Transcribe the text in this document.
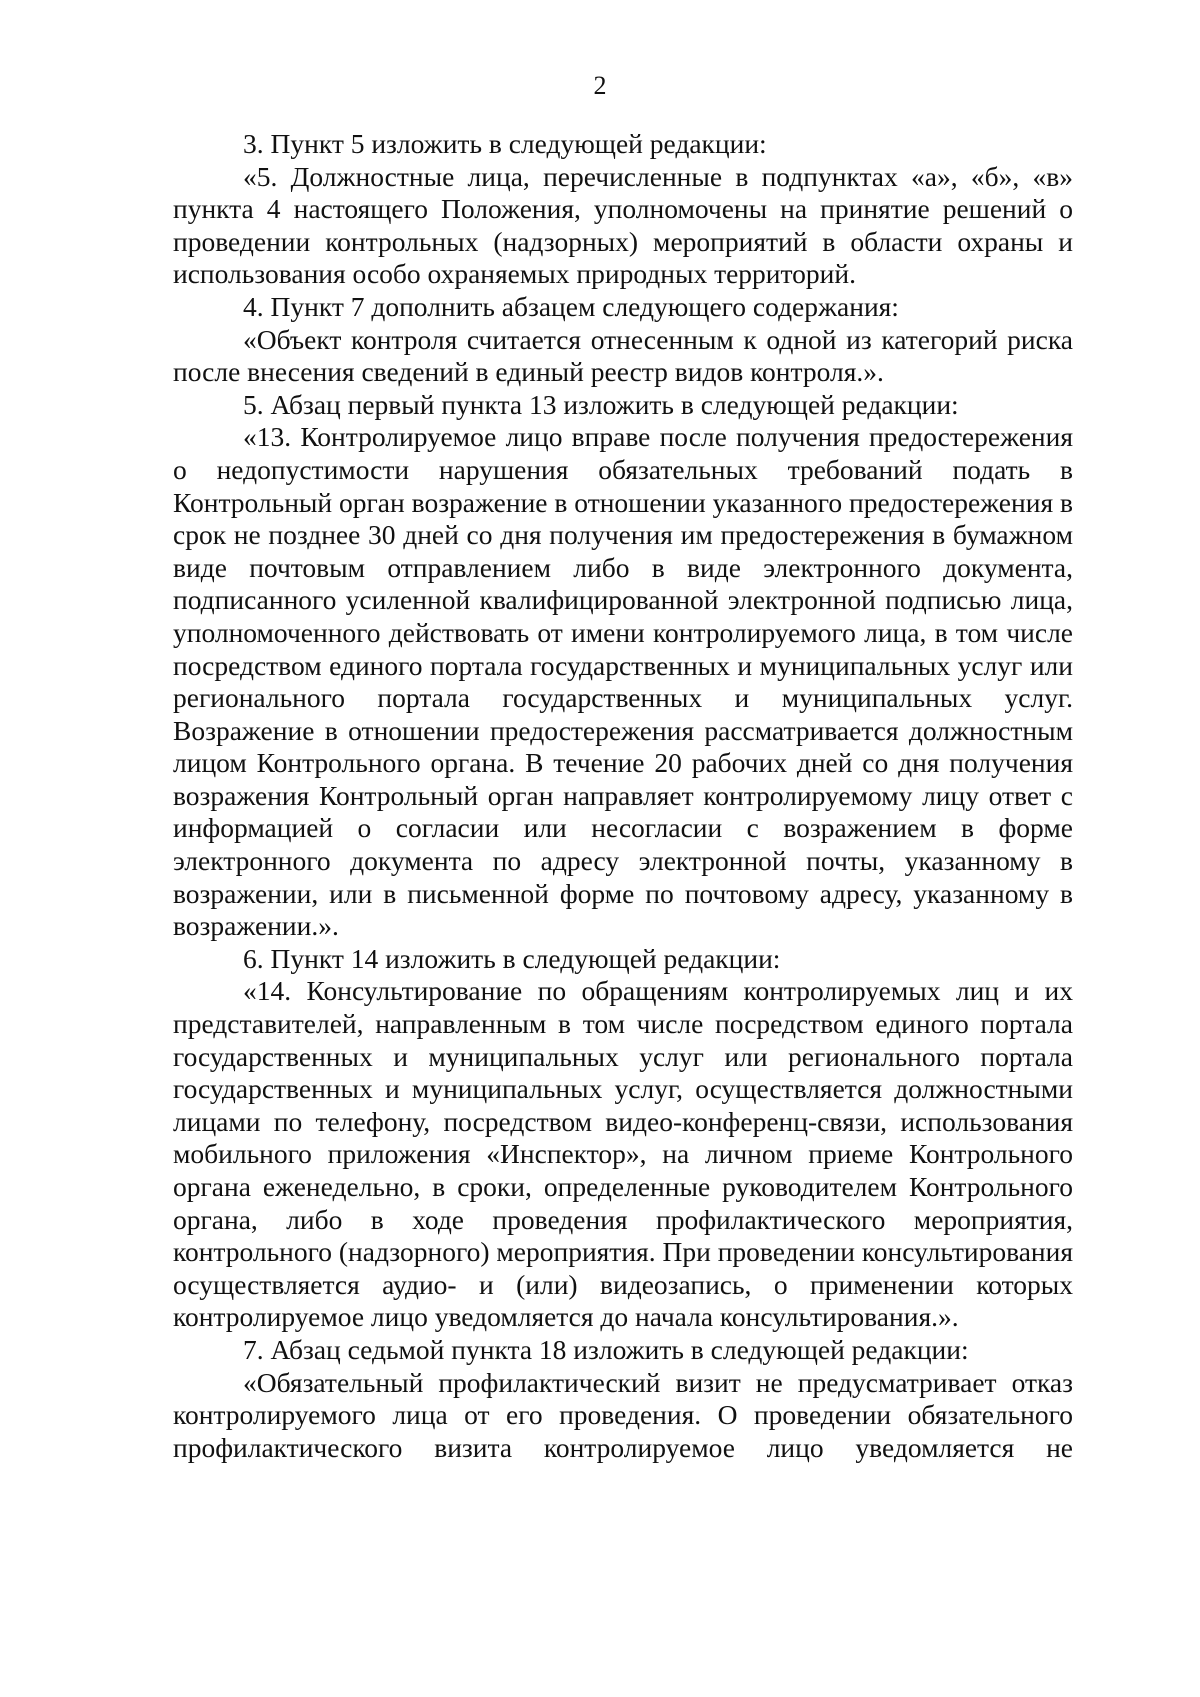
2

3. Пункт 5 изложить в следующей редакции:

«5. Должностные лица, перечисленные в подпунктах «а», «б», «в» пункта 4 настоящего Положения, уполномочены на принятие решений о проведении контрольных (надзорных) мероприятий в области охраны и использования особо охраняемых природных территорий.

4. Пункт 7 дополнить абзацем следующего содержания:

«Объект контроля считается отнесенным к одной из категорий риска после внесения сведений в единый реестр видов контроля.».

5. Абзац первый пункта 13 изложить в следующей редакции:

«13. Контролируемое лицо вправе после получения предостережения о недопустимости нарушения обязательных требований подать в Контрольный орган возражение в отношении указанного предостережения в срок не позднее 30 дней со дня получения им предостережения в бумажном виде почтовым отправлением либо в виде электронного документа, подписанного усиленной квалифицированной электронной подписью лица, уполномоченного действовать от имени контролируемого лица, в том числе посредством единого портала государственных и муниципальных услуг или регионального портала государственных и муниципальных услуг. Возражение в отношении предостережения рассматривается должностным лицом Контрольного органа. В течение 20 рабочих дней со дня получения возражения Контрольный орган направляет контролируемому лицу ответ с информацией о согласии или несогласии с возражением в форме электронного документа по адресу электронной почты, указанному в возражении, или в письменной форме по почтовому адресу, указанному в возражении.».

6. Пункт 14 изложить в следующей редакции:

«14. Консультирование по обращениям контролируемых лиц и их представителей, направленным в том числе посредством единого портала государственных и муниципальных услуг или регионального портала государственных и муниципальных услуг, осуществляется должностными лицами по телефону, посредством видео-конференц-связи, использования мобильного приложения «Инспектор», на личном приеме Контрольного органа еженедельно, в сроки, определенные руководителем Контрольного органа, либо в ходе проведения профилактического мероприятия, контрольного (надзорного) мероприятия. При проведении консультирования осуществляется аудио- и (или) видеозапись, о применении которых контролируемое лицо уведомляется до начала консультирования.».

7. Абзац седьмой пункта 18 изложить в следующей редакции:

«Обязательный профилактический визит не предусматривает отказ контролируемого лица от его проведения. О проведении обязательного профилактического визита контролируемое лицо уведомляется не
